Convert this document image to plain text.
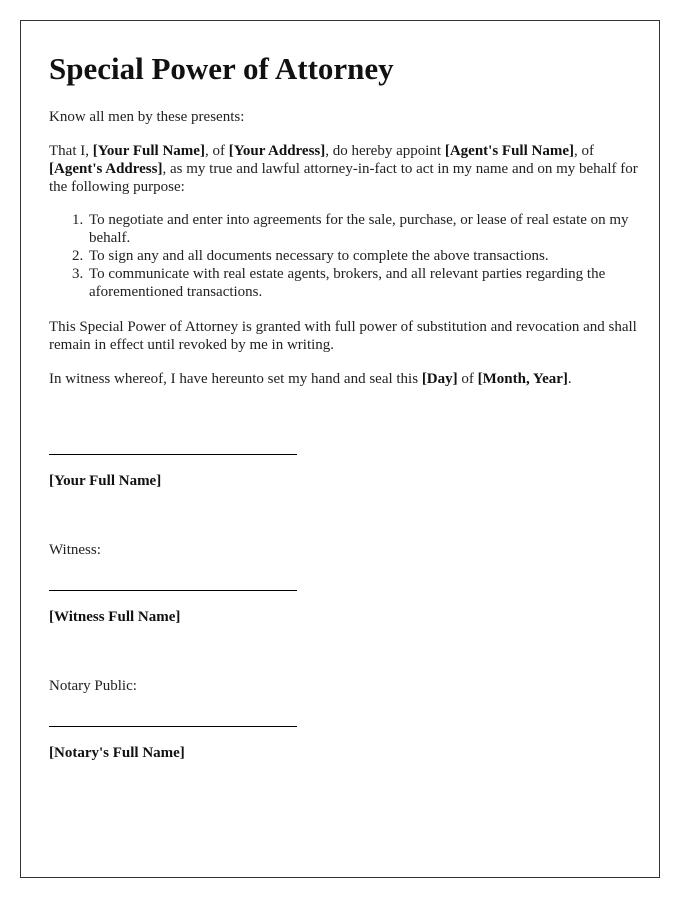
Special Power of Attorney

Know all men by these presents:

That I, [Your Full Name], of [Your Address], do hereby appoint [Agent's Full Name], of [Agent's Address], as my true and lawful attorney-in-fact to act in my name and on my behalf for the following purpose:

1. To negotiate and enter into agreements for the sale, purchase, or lease of real estate on my behalf.
2. To sign any and all documents necessary to complete the above transactions.
3. To communicate with real estate agents, brokers, and all relevant parties regarding the aforementioned transactions.

This Special Power of Attorney is granted with full power of substitution and revocation and shall remain in effect until revoked by me in writing.

In witness whereof, I have hereunto set my hand and seal this [Day] of [Month, Year].

[Your Full Name]

Witness:

[Witness Full Name]

Notary Public:

[Notary's Full Name]
